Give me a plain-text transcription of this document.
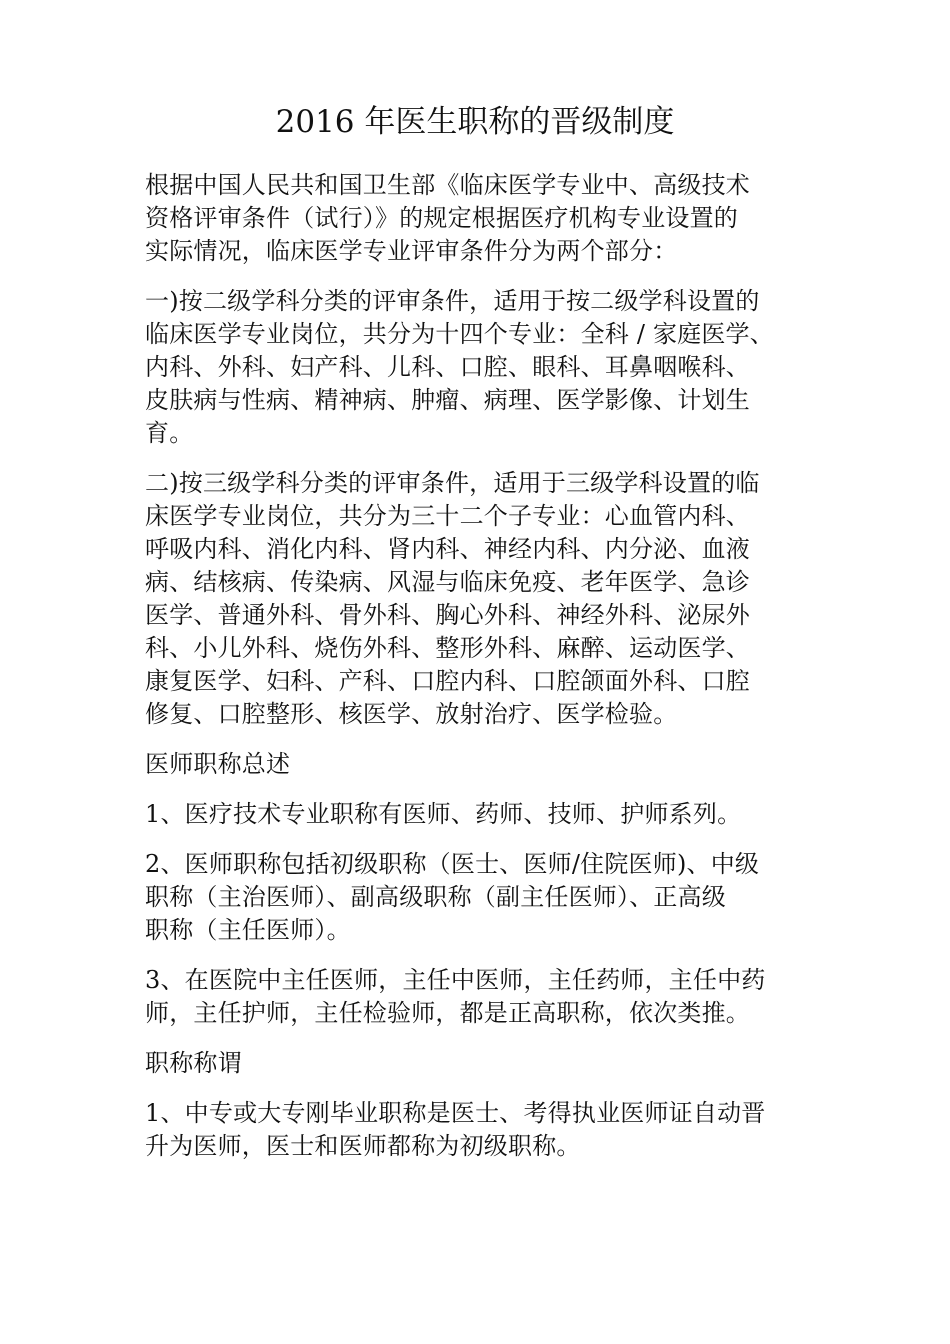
2016 年医生职称的晋级制度
根据中国人民共和国卫生部《临床医学专业中、高级技术
资格评审条件（试行）》的规定根据医疗机构专业设置的
实际情况，临床医学专业评审条件分为两个部分：
一)按二级学科分类的评审条件，适用于按二级学科设置的
临床医学专业岗位，共分为十四个专业：全科 / 家庭医学、
内科、外科、妇产科、儿科、口腔、眼科、耳鼻咽喉科、
皮肤病与性病、精神病、肿瘤、病理、医学影像、计划生
育。
二)按三级学科分类的评审条件，适用于三级学科设置的临
床医学专业岗位，共分为三十二个子专业：心血管内科、
呼吸内科、消化内科、肾内科、神经内科、内分泌、血液
病、结核病、传染病、风湿与临床免疫、老年医学、急诊
医学、普通外科、骨外科、胸心外科、神经外科、泌尿外
科、小儿外科、烧伤外科、整形外科、麻醉、运动医学、
康复医学、妇科、产科、口腔内科、口腔颌面外科、口腔
修复、口腔整形、核医学、放射治疗、医学检验。
医师职称总述
1、医疗技术专业职称有医师、药师、技师、护师系列。
2、医师职称包括初级职称（医士、医师/住院医师)、中级
职称（主治医师）、副高级职称（副主任医师）、正高级
职称（主任医师）。
3、在医院中主任医师，主任中医师，主任药师，主任中药
师，主任护师，主任检验师，都是正高职称，依次类推。
职称称谓
1、中专或大专刚毕业职称是医士、考得执业医师证自动晋
升为医师，医士和医师都称为初级职称。
